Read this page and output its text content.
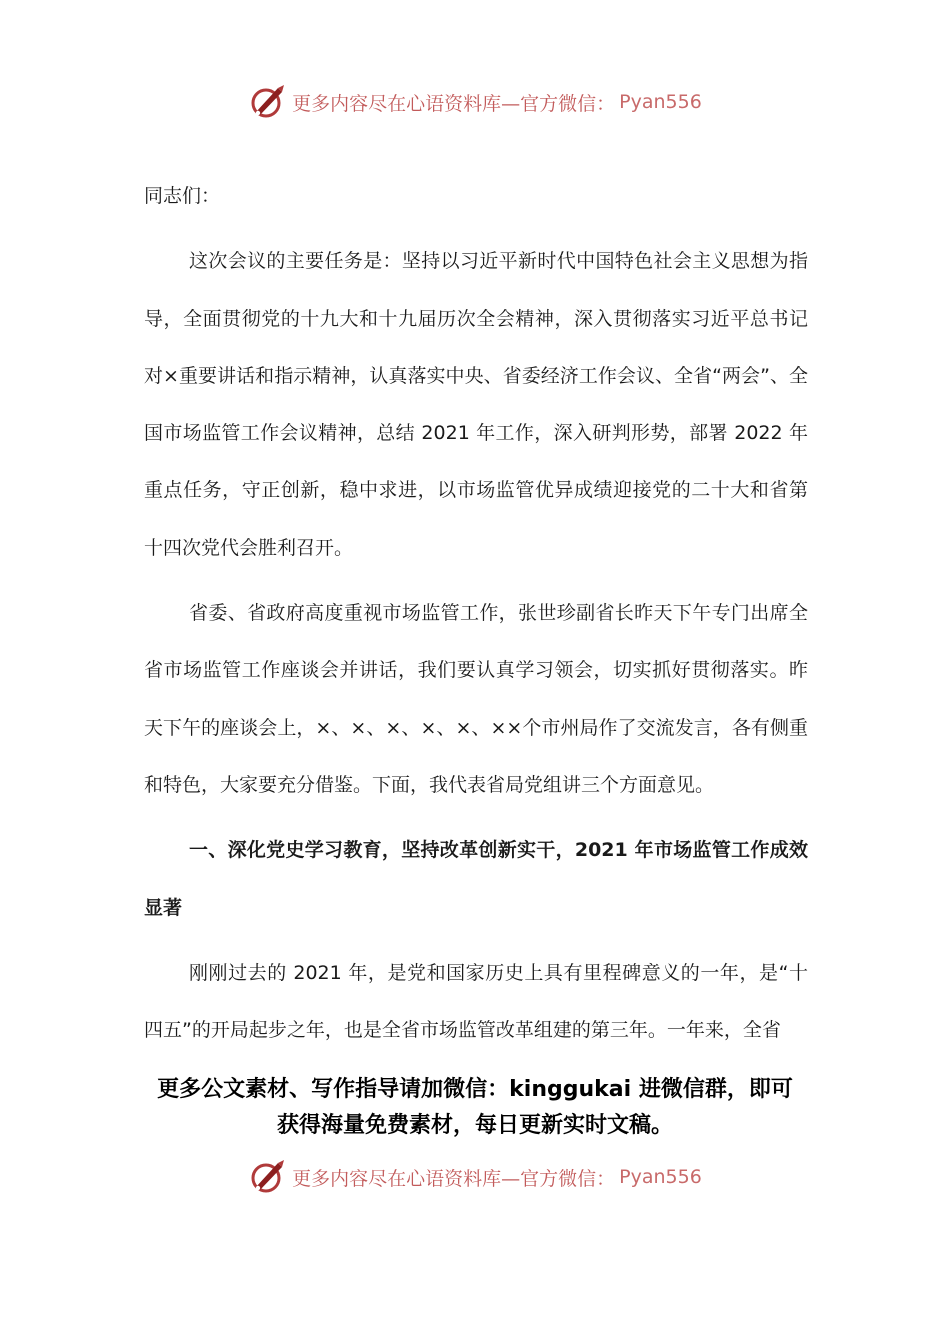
更多内容尽在心语资料库—官方微信： Pyan556

同志们：

这次会议的主要任务是：坚持以习近平新时代中国特色社会主义思想为指导，全面贯彻党的十九大和十九届历次全会精神，深入贯彻落实习近平总书记对×重要讲话和指示精神，认真落实中央、省委经济工作会议、全省“两会”、全国市场监管工作会议精神，总结 2021 年工作，深入研判形势，部署 2022 年重点任务，守正创新，稳中求进，以市场监管优异成绩迎接党的二十大和省第十四次党代会胜利召开。

省委、省政府高度重视市场监管工作，张世珍副省长昨天下午专门出席全省市场监管工作座谈会并讲话，我们要认真学习领会，切实抓好贯彻落实。昨天下午的座谈会上，×、×、×、×、×、××个市州局作了交流发言，各有侧重和特色，大家要充分借鉴。下面，我代表省局党组讲三个方面意见。

一、深化党史学习教育，坚持改革创新实干，2021 年市场监管工作成效显著

刚刚过去的 2021 年，是党和国家历史上具有里程碑意义的一年，是“十四五”的开局起步之年，也是全省市场监管改革组建的第三年。一年来，全省

更多公文素材、写作指导请加微信：kinggukai 进微信群，即可
获得海量免费素材，每日更新实时文稿。
更多内容尽在心语资料库—官方微信： Pyan556
